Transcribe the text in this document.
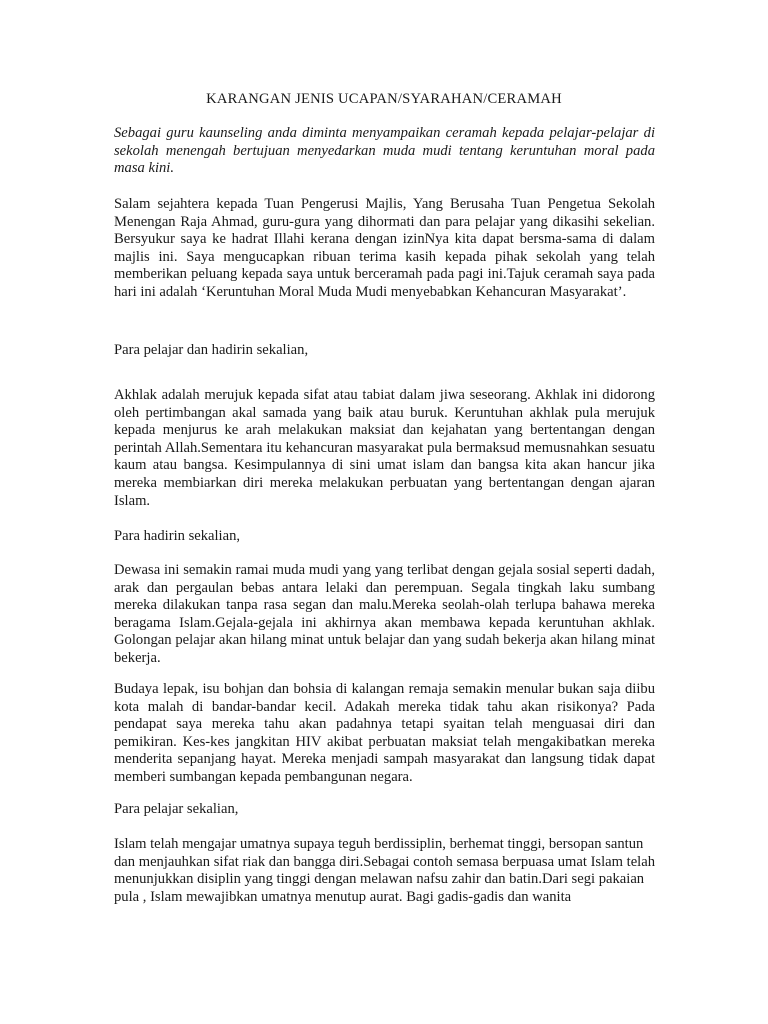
KARANGAN JENIS UCAPAN/SYARAHAN/CERAMAH

Sebagai guru kaunseling anda diminta menyampaikan ceramah kepada pelajar-pelajar di sekolah menengah bertujuan menyedarkan muda mudi tentang keruntuhan moral pada masa kini.

Salam sejahtera kepada Tuan Pengerusi Majlis, Yang Berusaha Tuan Pengetua Sekolah Menengan Raja Ahmad, guru-gura yang dihormati dan para pelajar yang dikasihi sekelian. Bersyukur saya ke hadrat Illahi kerana dengan izinNya kita dapat bersma-sama di dalam majlis ini. Saya mengucapkan ribuan terima kasih kepada pihak sekolah yang telah memberikan peluang kepada saya untuk berceramah pada pagi ini.Tajuk ceramah saya pada hari ini adalah ‘Keruntuhan Moral Muda Mudi menyebabkan Kehancuran Masyarakat’.

Para pelajar dan hadirin sekalian,

Akhlak adalah merujuk kepada sifat atau tabiat dalam jiwa seseorang. Akhlak ini didorong oleh pertimbangan akal samada yang baik atau buruk. Keruntuhan akhlak pula merujuk kepada menjurus ke arah melakukan maksiat dan kejahatan yang bertentangan dengan perintah Allah.Sementara itu kehancuran masyarakat pula bermaksud memusnahkan sesuatu kaum atau bangsa. Kesimpulannya di sini umat islam dan bangsa kita akan hancur jika mereka membiarkan diri mereka melakukan perbuatan yang bertentangan dengan ajaran Islam.

Para hadirin sekalian,

Dewasa ini semakin ramai muda mudi yang yang terlibat dengan gejala sosial seperti dadah, arak dan pergaulan bebas antara lelaki dan perempuan. Segala tingkah laku sumbang mereka dilakukan tanpa rasa segan dan malu.Mereka seolah-olah terlupa bahawa mereka beragama Islam.Gejala-gejala ini akhirnya akan membawa kepada keruntuhan akhlak. Golongan pelajar akan hilang minat untuk belajar dan yang sudah bekerja akan hilang minat bekerja.

Budaya lepak, isu bohjan dan bohsia di kalangan remaja semakin menular bukan saja diibu kota malah di bandar-bandar kecil. Adakah mereka tidak tahu akan risikonya? Pada pendapat saya mereka tahu akan padahnya tetapi syaitan telah menguasai diri dan pemikiran. Kes-kes jangkitan HIV akibat perbuatan maksiat telah mengakibatkan mereka menderita sepanjang hayat. Mereka menjadi sampah masyarakat dan langsung tidak dapat memberi sumbangan kepada pembangunan negara.

Para pelajar sekalian,

Islam telah mengajar umatnya supaya teguh berdissiplin, berhemat tinggi, bersopan santun dan menjauhkan sifat riak dan bangga diri.Sebagai contoh semasa berpuasa umat Islam telah menunjukkan disiplin yang tinggi dengan melawan nafsu zahir dan batin.Dari segi pakaian pula , Islam mewajibkan umatnya menutup aurat. Bagi gadis-gadis dan wanita
